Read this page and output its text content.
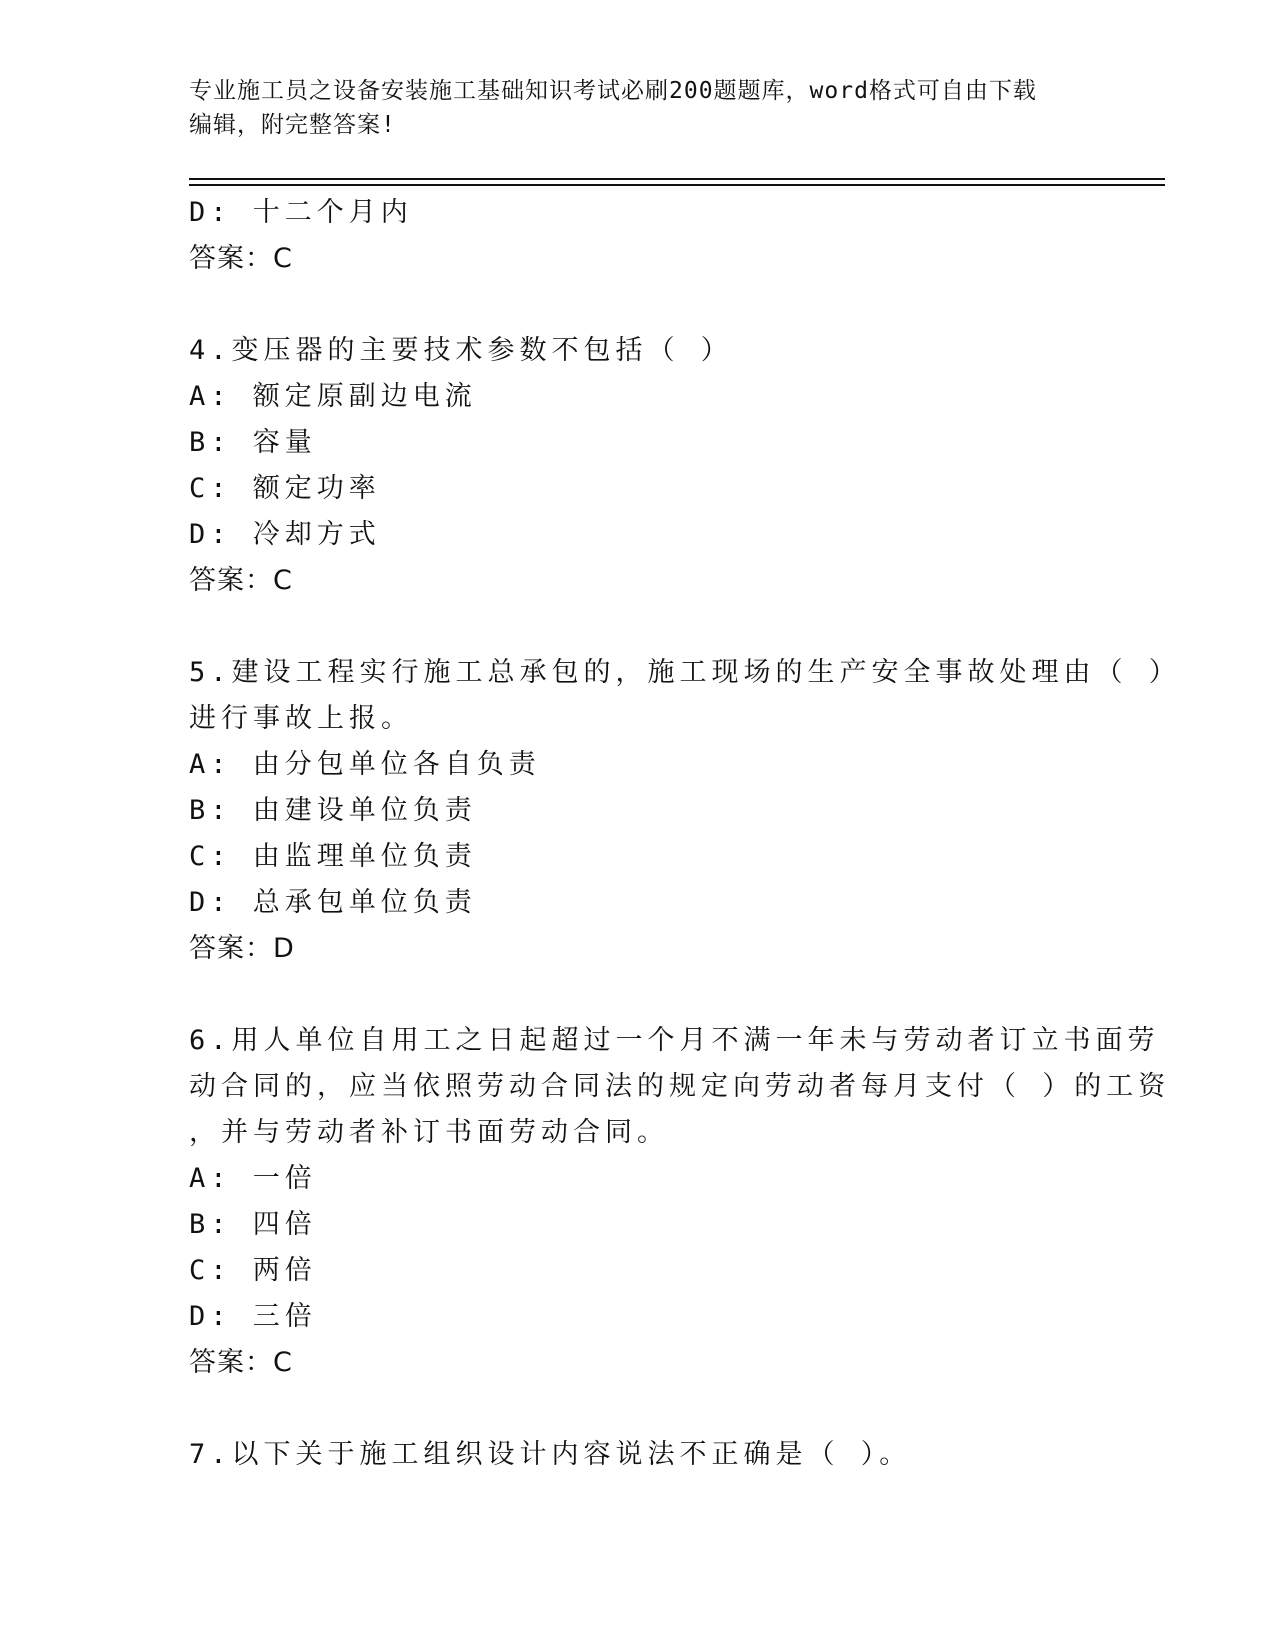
专业施工员之设备安装施工基础知识考试必刷200题题库，word格式可自由下载
编辑，附完整答案!
D: 十二个月内
答案：C
4.变压器的主要技术参数不包括（ ）
A: 额定原副边电流
B: 容量
C: 额定功率
D: 冷却方式
答案：C
5.建设工程实行施工总承包的，施工现场的生产安全事故处理由（ ）
进行事故上报。
A: 由分包单位各自负责
B: 由建设单位负责
C: 由监理单位负责
D: 总承包单位负责
答案：D
6.用人单位自用工之日起超过一个月不满一年未与劳动者订立书面劳
动合同的，应当依照劳动合同法的规定向劳动者每月支付（ ）的工资
，并与劳动者补订书面劳动合同。
A: 一倍
B: 四倍
C: 两倍
D: 三倍
答案：C
7.以下关于施工组织设计内容说法不正确是（ ）。
